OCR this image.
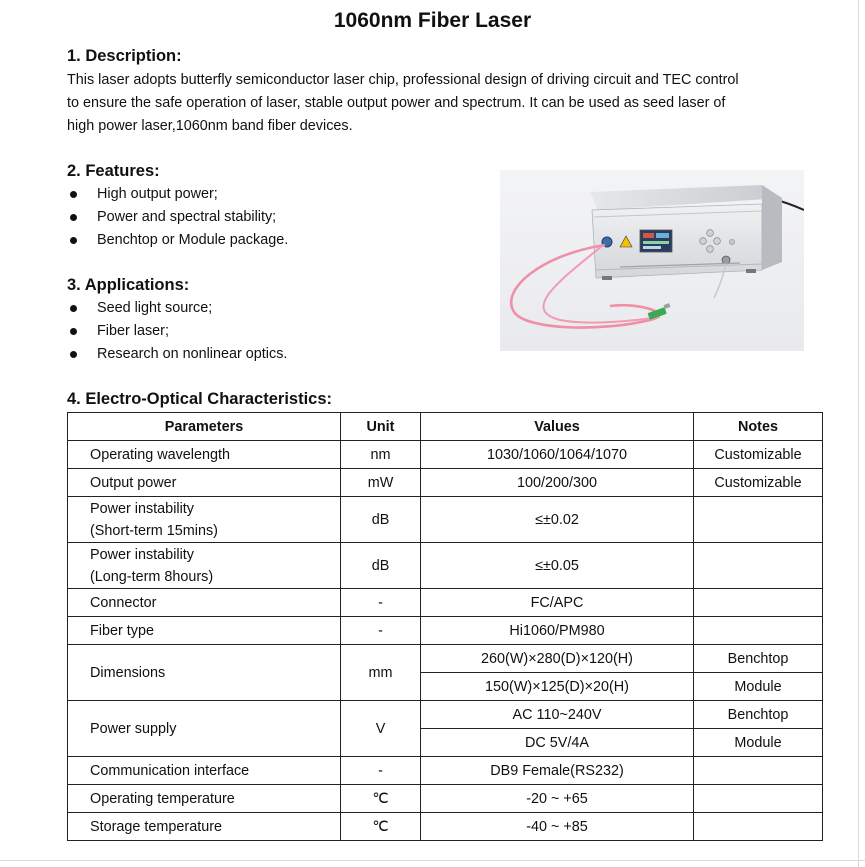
1060nm Fiber Laser
1. Description:

This laser adopts butterfly semiconductor laser chip, professional design of driving circuit and TEC control
to ensure the safe operation of laser, stable output power and spectrum. It can be used as seed laser of
high power laser,1060nm band fiber devices.

2. Features:
High output power;
Power and spectral stability;
Benchtop or Module package.
3. Applications:
Seed light source;
Fiber laser;
Research on nonlinear optics.
4. Electro-Optical Characteristics:
Parameters	Unit	Values	Notes
Operating wavelength	nm	1030/1060/1064/1070	Customizable
Output power	mW	100/200/300	Customizable
Power instability
(Short-term 15mins)	dB	≤±0.02	
Power instability
(Long-term 8hours)	dB	≤±0.05	
Connector	-	FC/APC	
Fiber type	-	Hi1060/PM980	
Dimensions	mm	260(W)×280(D)×120(H)	Benchtop
		150(W)×125(D)×20(H)	Module
Power supply	V	AC 110~240V	Benchtop
		DC 5V/4A	Module
Communication interface	-	DB9 Female(RS232)	
Operating temperature	℃	-20 ~ +65	
Storage temperature	℃	-40 ~ +85	
